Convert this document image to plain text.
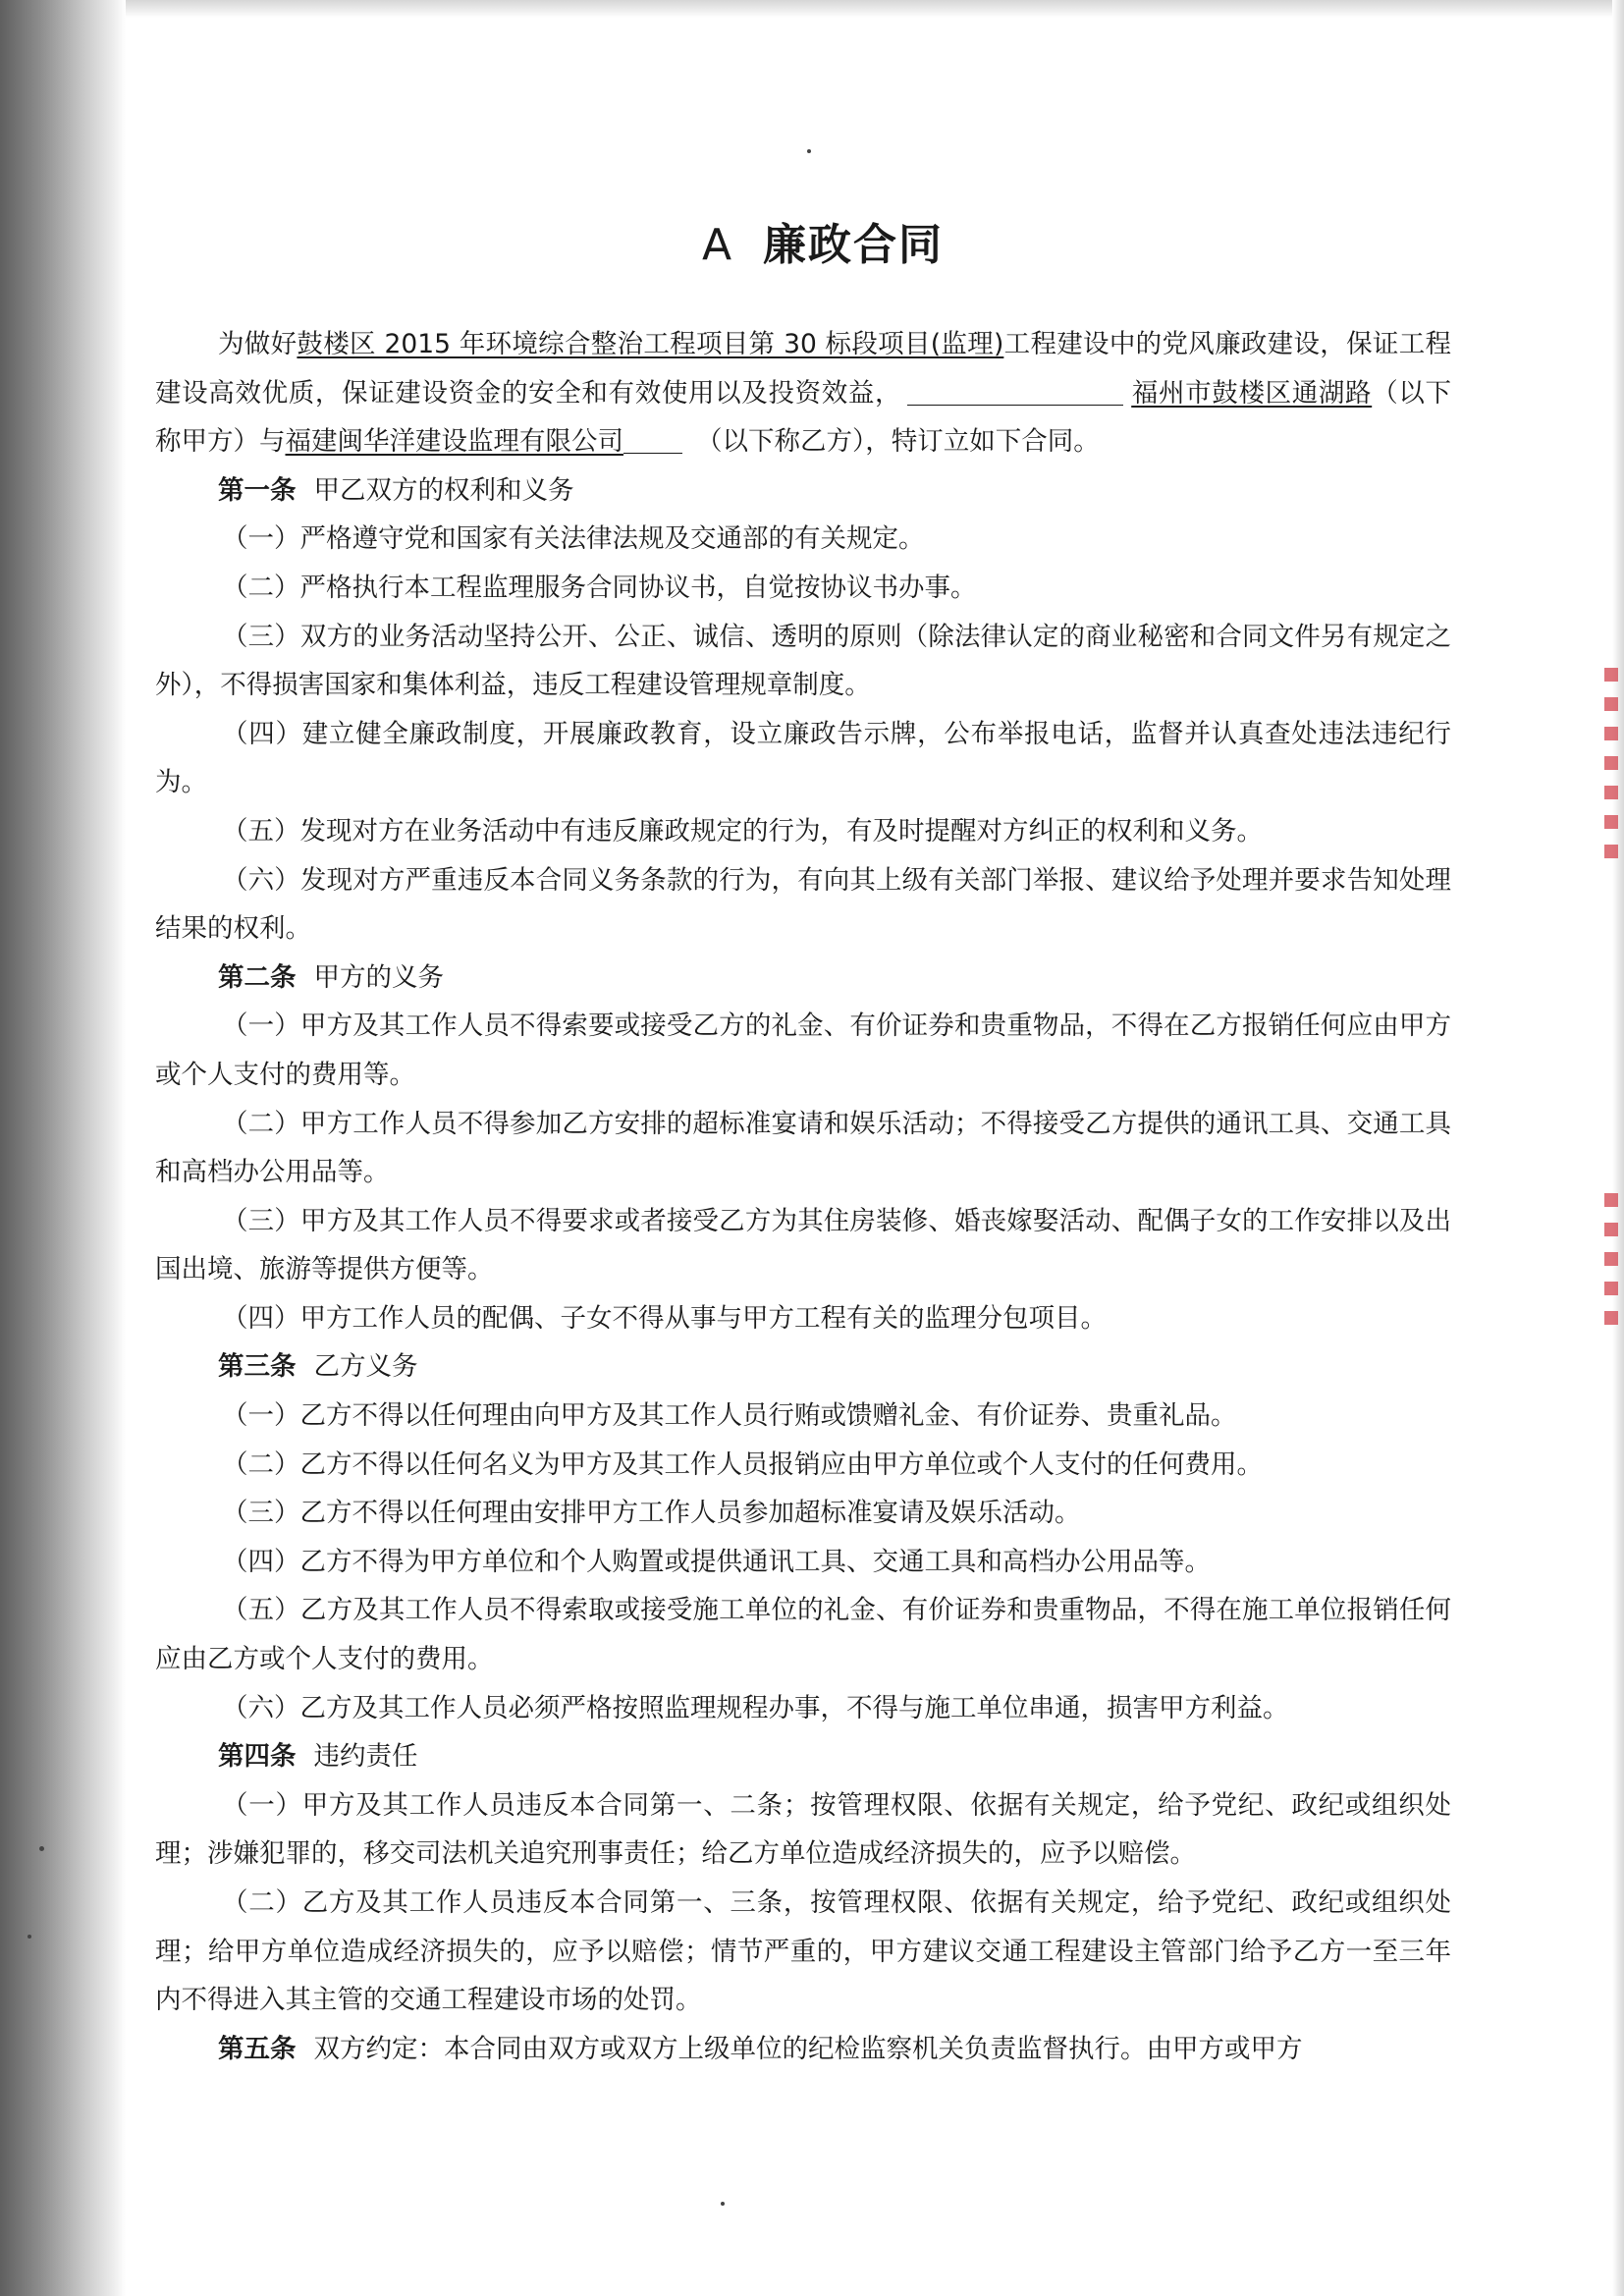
A 廉政合同

为做好鼓楼区 2015 年环境综合整治工程项目第 30 标段项目(监理)工程建设中的党风廉政建设，保证工程建设高效优质，保证建设资金的安全和有效使用以及投资效益，	福州市鼓楼区通湖路（以下称甲方）与福建闽华洋建设监理有限公司	（以下称乙方），特订立如下合同。

第一条 甲乙双方的权利和义务

（一）严格遵守党和国家有关法律法规及交通部的有关规定。

（二）严格执行本工程监理服务合同协议书，自觉按协议书办事。

（三）双方的业务活动坚持公开、公正、诚信、透明的原则（除法律认定的商业秘密和合同文件另有规定之外），不得损害国家和集体利益，违反工程建设管理规章制度。

（四）建立健全廉政制度，开展廉政教育，设立廉政告示牌，公布举报电话，监督并认真查处违法违纪行为。

（五）发现对方在业务活动中有违反廉政规定的行为，有及时提醒对方纠正的权利和义务。

（六）发现对方严重违反本合同义务条款的行为，有向其上级有关部门举报、建议给予处理并要求告知处理结果的权利。

第二条 甲方的义务

（一）甲方及其工作人员不得索要或接受乙方的礼金、有价证券和贵重物品，不得在乙方报销任何应由甲方或个人支付的费用等。

（二）甲方工作人员不得参加乙方安排的超标准宴请和娱乐活动；不得接受乙方提供的通讯工具、交通工具和高档办公用品等。

（三）甲方及其工作人员不得要求或者接受乙方为其住房装修、婚丧嫁娶活动、配偶子女的工作安排以及出国出境、旅游等提供方便等。

（四）甲方工作人员的配偶、子女不得从事与甲方工程有关的监理分包项目。

第三条 乙方义务

（一）乙方不得以任何理由向甲方及其工作人员行贿或馈赠礼金、有价证券、贵重礼品。

（二）乙方不得以任何名义为甲方及其工作人员报销应由甲方单位或个人支付的任何费用。

（三）乙方不得以任何理由安排甲方工作人员参加超标准宴请及娱乐活动。

（四）乙方不得为甲方单位和个人购置或提供通讯工具、交通工具和高档办公用品等。

（五）乙方及其工作人员不得索取或接受施工单位的礼金、有价证券和贵重物品，不得在施工单位报销任何应由乙方或个人支付的费用。

（六）乙方及其工作人员必须严格按照监理规程办事，不得与施工单位串通，损害甲方利益。

第四条 违约责任

（一）甲方及其工作人员违反本合同第一、二条；按管理权限、依据有关规定，给予党纪、政纪或组织处理；涉嫌犯罪的，移交司法机关追究刑事责任；给乙方单位造成经济损失的，应予以赔偿。

（二）乙方及其工作人员违反本合同第一、三条，按管理权限、依据有关规定，给予党纪、政纪或组织处理；给甲方单位造成经济损失的，应予以赔偿；情节严重的，甲方建议交通工程建设主管部门给予乙方一至三年内不得进入其主管的交通工程建设市场的处罚。

第五条 双方约定：本合同由双方或双方上级单位的纪检监察机关负责监督执行。由甲方或甲方
